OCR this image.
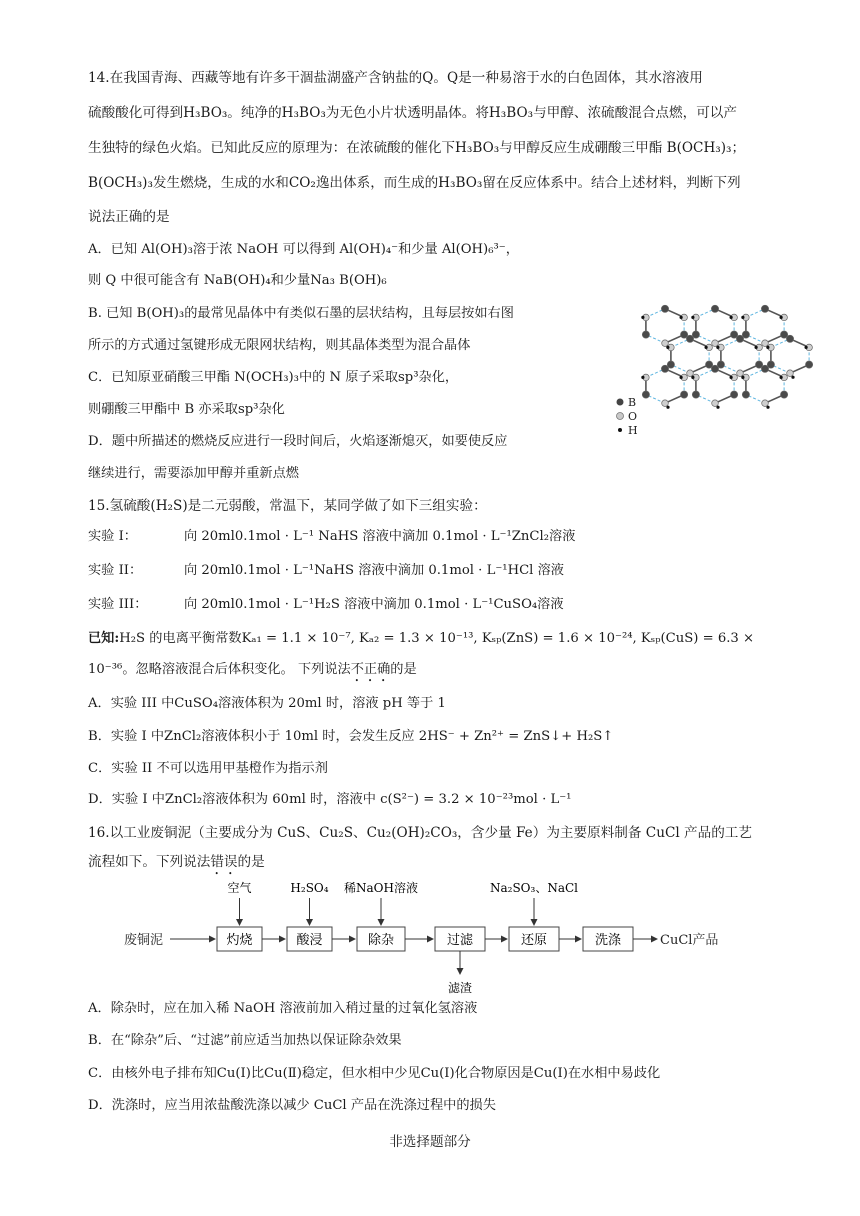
14.在我国青海、西藏等地有许多干涸盐湖盛产含钠盐的Q。Q是一种易溶于水的白色固体，其水溶液用
硫酸酸化可得到H₃BO₃。纯净的H₃BO₃为无色小片状透明晶体。将H₃BO₃与甲醇、浓硫酸混合点燃，可以产
生独特的绿色火焰。已知此反应的原理为：在浓硫酸的催化下H₃BO₃与甲醇反应生成硼酸三甲酯 B(OCH₃)₃；
B(OCH₃)₃发生燃烧，生成的水和CO₂逸出体系，而生成的H₃BO₃留在反应体系中。结合上述材料，判断下列
说法正确的是
A．已知 Al(OH)₃溶于浓 NaOH 可以得到 Al(OH)₄⁻和少量 Al(OH)₆³⁻，
则 Q 中很可能含有 NaB(OH)₄和少量Na₃ B(OH)₆
B. 已知 B(OH)₃的最常见晶体中有类似石墨的层状结构，且每层按如右图
所示的方式通过氢键形成无限网状结构，则其晶体类型为混合晶体
C．已知原亚硝酸三甲酯 N(OCH₃)₃中的 N 原子采取sp³杂化，
则硼酸三甲酯中 B 亦采取sp³杂化
D．题中所描述的燃烧反应进行一段时间后，火焰逐渐熄灭，如要使反应
继续进行，需要添加甲醇并重新点燃
B
O
H
15.氢硫酸(H₂S)是二元弱酸，常温下，某同学做了如下三组实验：
实验 I：	向 20ml0.1mol · L⁻¹ NaHS 溶液中滴加 0.1mol · L⁻¹ZnCl₂溶液
实验 II：	向 20ml0.1mol · L⁻¹NaHS 溶液中滴加 0.1mol · L⁻¹HCl 溶液
实验 III：	向 20ml0.1mol · L⁻¹H₂S 溶液中滴加 0.1mol · L⁻¹CuSO₄溶液
已知:H₂S 的电离平衡常数Kₐ₁ = 1.1 × 10⁻⁷, Kₐ₂ = 1.3 × 10⁻¹³, Kₛₚ(ZnS) = 1.6 × 10⁻²⁴, Kₛₚ(CuS) = 6.3 ×
10⁻³⁶。忽略溶液混合后体积变化。 下列说法不正确的是
A．实验 III 中CuSO₄溶液体积为 20ml 时，溶液 pH 等于 1
B．实验 I 中ZnCl₂溶液体积小于 10ml 时，会发生反应 2HS⁻ + Zn²⁺ = ZnS↓+ H₂S↑
C．实验 II 不可以选用甲基橙作为指示剂
D．实验 I 中ZnCl₂溶液体积为 60ml 时，溶液中 c(S²⁻) = 3.2 × 10⁻²³mol · L⁻¹
16.以工业废铜泥（主要成分为 CuS、Cu₂S、Cu₂(OH)₂CO₃，含少量 Fe）为主要原料制备 CuCl 产品的工艺
流程如下。下列说法错误的是
废铜泥	灼烧	酸浸	除杂	过滤	还原	洗涤	CuCl产品
空气	H₂SO₄ 稀NaOH溶液	Na₂SO₃、NaCl
滤渣
A．除杂时，应在加入稀 NaOH 溶液前加入稍过量的过氧化氢溶液
B．在“除杂”后、“过滤”前应适当加热以保证除杂效果
C．由核外电子排布知Cu(Ⅰ)比Cu(Ⅱ)稳定，但水相中少见Cu(Ⅰ)化合物原因是Cu(Ⅰ)在水相中易歧化
D．洗涤时，应当用浓盐酸洗涤以减少 CuCl 产品在洗涤过程中的损失
非选择题部分
